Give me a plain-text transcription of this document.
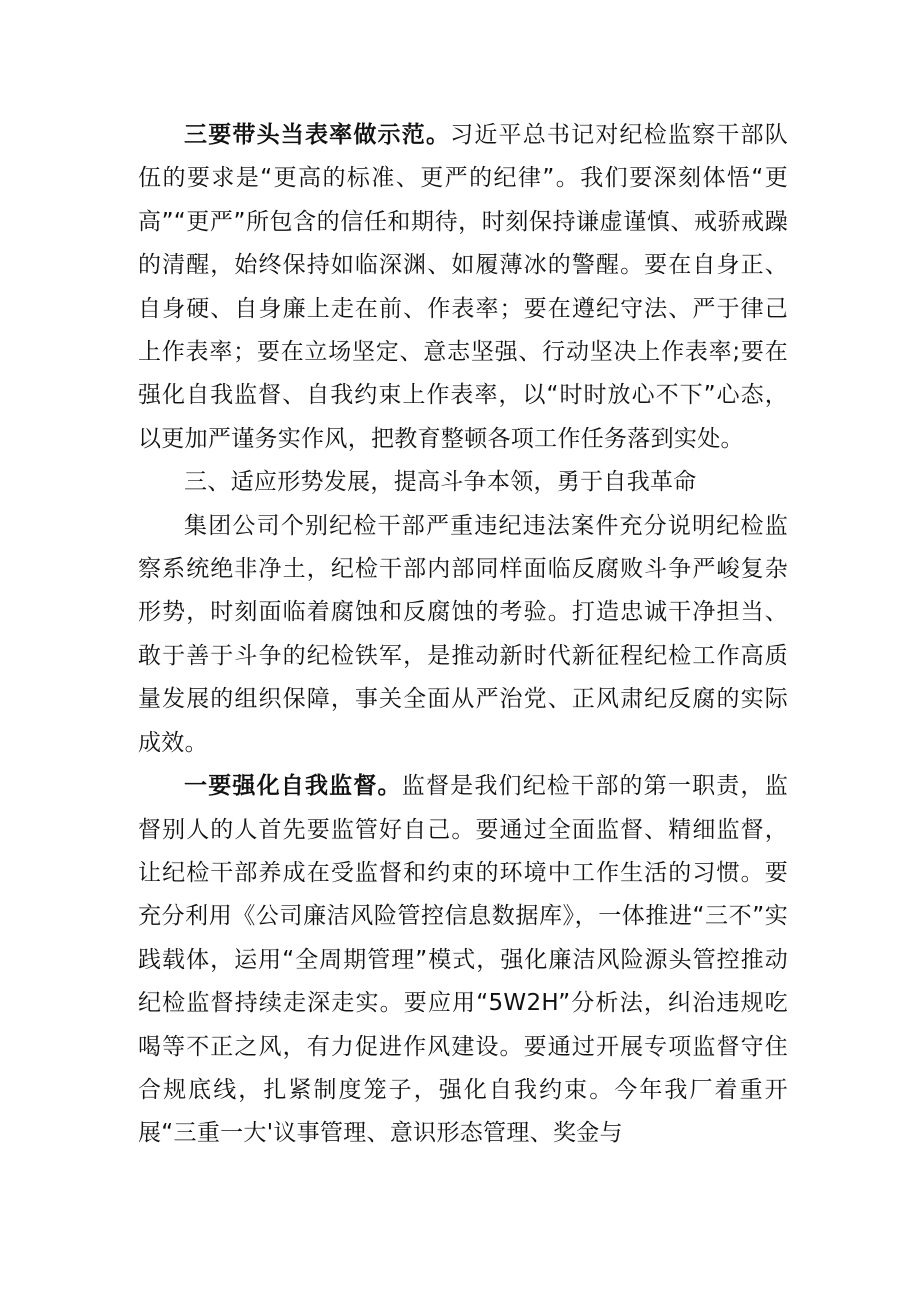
三要带头当表率做示范。习近平总书记对纪检监察干部队伍的要求是“更高的标准、更严的纪律”。我们要深刻体悟“更高”“更严”所包含的信任和期待，时刻保持谦虚谨慎、戒骄戒躁的清醒，始终保持如临深渊、如履薄冰的警醒。要在自身正、自身硬、自身廉上走在前、作表率；要在遵纪守法、严于律己上作表率；要在立场坚定、意志坚强、行动坚决上作表率;要在强化自我监督、自我约束上作表率，以“时时放心不下”心态，以更加严谨务实作风，把教育整顿各项工作任务落到实处。

三、适应形势发展，提高斗争本领，勇于自我革命

集团公司个别纪检干部严重违纪违法案件充分说明纪检监察系统绝非净土，纪检干部内部同样面临反腐败斗争严峻复杂形势，时刻面临着腐蚀和反腐蚀的考验。打造忠诚干净担当、敢于善于斗争的纪检铁军，是推动新时代新征程纪检工作高质量发展的组织保障，事关全面从严治党、正风肃纪反腐的实际成效。

一要强化自我监督。监督是我们纪检干部的第一职责，监督别人的人首先要监管好自己。要通过全面监督、精细监督，让纪检干部养成在受监督和约束的环境中工作生活的习惯。要充分利用《公司廉洁风险管控信息数据库》，一体推进“三不”实践载体，运用“全周期管理”模式，强化廉洁风险源头管控推动纪检监督持续走深走实。要应用“5W2H”分析法，纠治违规吃喝等不正之风，有力促进作风建设。要通过开展专项监督守住合规底线，扎紧制度笼子，强化自我约束。今年我厂着重开展“三重一大'议事管理、意识形态管理、奖金与
